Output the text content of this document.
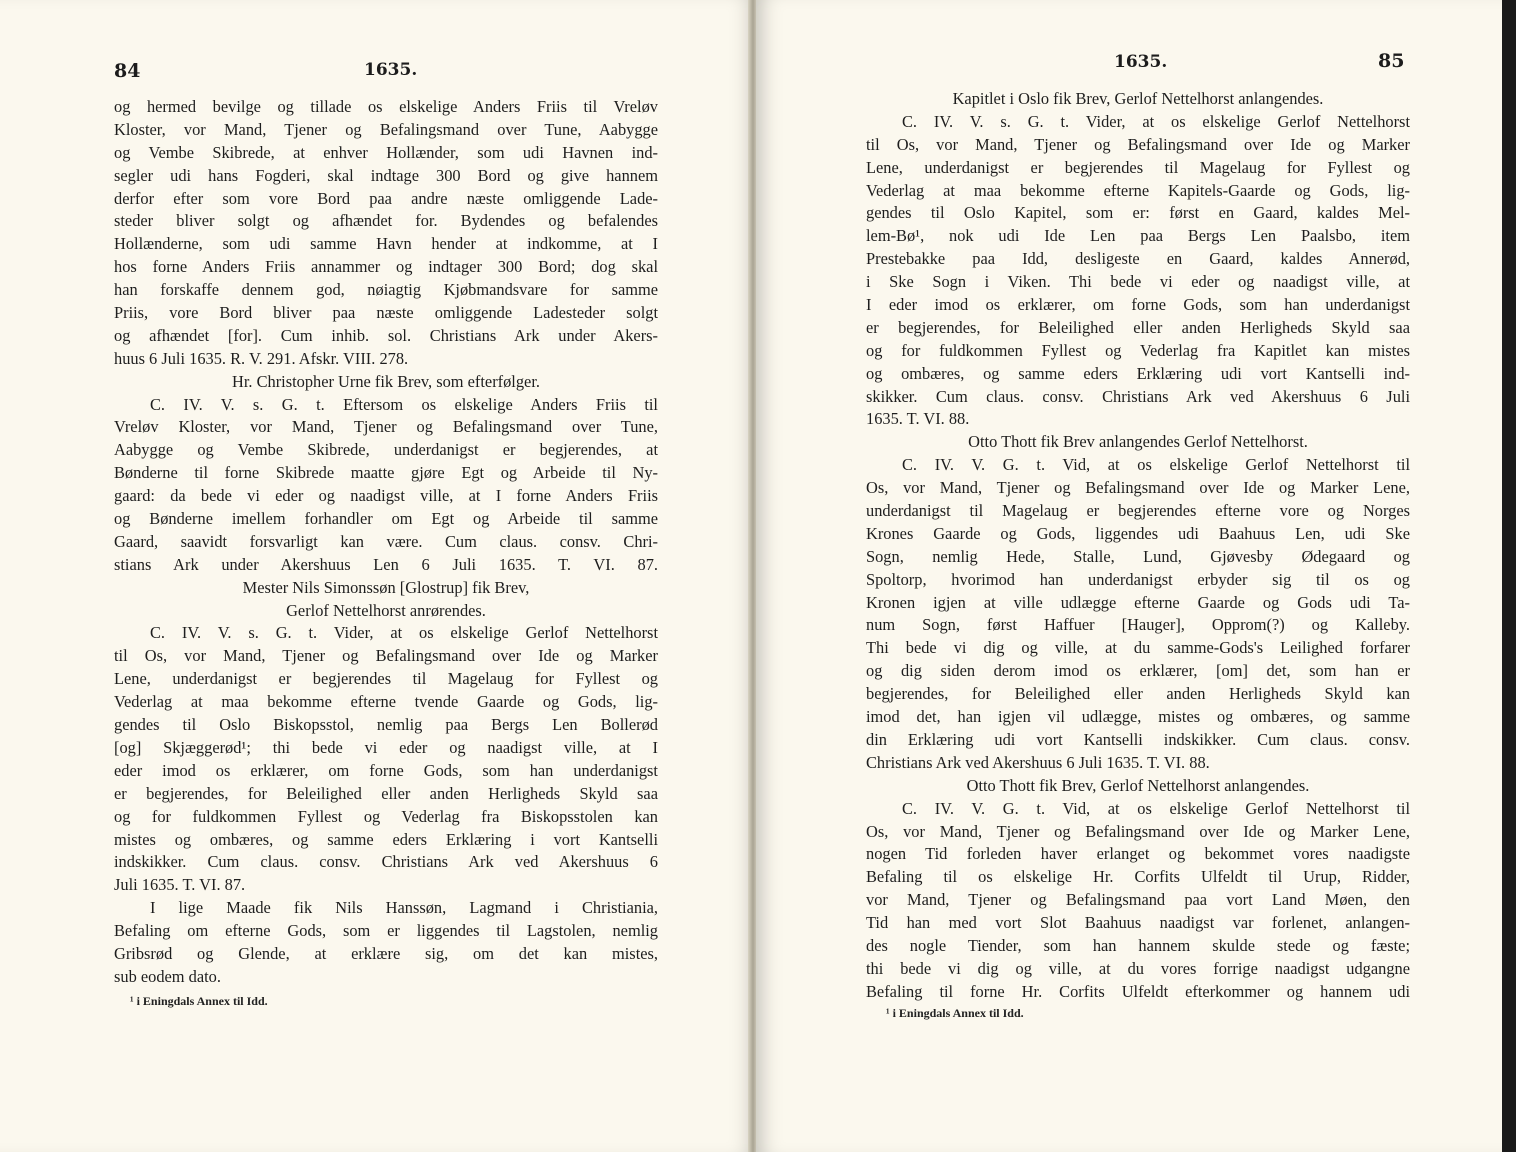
84	1635.
og hermed bevilge og tillade os elskelige Anders Friis til Vreløv
Kloster, vor Mand, Tjener og Befalingsmand over Tune, Aabygge
og Vembe Skibrede, at enhver Hollænder, som udi Havnen ind-
segler udi hans Fogderi, skal indtage 300 Bord og give hannem
derfor efter som vore Bord paa andre næste omliggende Lade-
steder bliver solgt og afhændet for. Bydendes og befalendes
Hollænderne, som udi samme Havn hender at indkomme, at I
hos forne Anders Friis annammer og indtager 300 Bord; dog skal
han forskaffe dennem god, nøiagtig Kjøbmandsvare for samme
Priis, vore Bord bliver paa næste omliggende Ladesteder solgt
og afhændet [for]. Cum inhib. sol. Christians Ark under Akers-
huus 6 Juli 1635. R. V. 291. Afskr. VIII. 278.
Hr. Christopher Urne fik Brev, som efterfølger.
C. IV. V. s. G. t. Eftersom os elskelige Anders Friis til
Vreløv Kloster, vor Mand, Tjener og Befalingsmand over Tune,
Aabygge og Vembe Skibrede, underdanigst er begjerendes, at
Bønderne til forne Skibrede maatte gjøre Egt og Arbeide til Ny-
gaard: da bede vi eder og naadigst ville, at I forne Anders Friis
og Bønderne imellem forhandler om Egt og Arbeide til samme
Gaard, saavidt forsvarligt kan være. Cum claus. consv. Chri-
stians Ark under Akershuus Len 6 Juli 1635. T. VI. 87.
Mester Nils Simonssøn [Glostrup] fik Brev,
Gerlof Nettelhorst anrørendes.
C. IV. V. s. G. t. Vider, at os elskelige Gerlof Nettelhorst
til Os, vor Mand, Tjener og Befalingsmand over Ide og Marker
Lene, underdanigst er begjerendes til Magelaug for Fyllest og
Vederlag at maa bekomme efterne tvende Gaarde og Gods, lig-
gendes til Oslo Biskopsstol, nemlig paa Bergs Len Bollerød
[og] Skjæggerød¹; thi bede vi eder og naadigst ville, at I
eder imod os erklærer, om forne Gods, som han underdanigst
er begjerendes, for Beleilighed eller anden Herligheds Skyld saa
og for fuldkommen Fyllest og Vederlag fra Biskopsstolen kan
mistes og ombæres, og samme eders Erklæring i vort Kantselli
indskikker. Cum claus. consv. Christians Ark ved Akershuus 6
Juli 1635. T. VI. 87.
I lige Maade fik Nils Hanssøn, Lagmand i Christiania,
Befaling om efterne Gods, som er liggendes til Lagstolen, nemlig
Gribsrød og Glende, at erklære sig, om det kan mistes,
sub eodem dato.
¹ i Eningdals Annex til Idd.
1635.	85
Kapitlet i Oslo fik Brev, Gerlof Nettelhorst anlangendes.
C. IV. V. s. G. t. Vider, at os elskelige Gerlof Nettelhorst
til Os, vor Mand, Tjener og Befalingsmand over Ide og Marker
Lene, underdanigst er begjerendes til Magelaug for Fyllest og
Vederlag at maa bekomme efterne Kapitels-Gaarde og Gods, lig-
gendes til Oslo Kapitel, som er: først en Gaard, kaldes Mel-
lem-Bø¹, nok udi Ide Len paa Bergs Len Paalsbo, item
Prestebakke paa Idd, desligeste en Gaard, kaldes Annerød,
i Ske Sogn i Viken. Thi bede vi eder og naadigst ville, at
I eder imod os erklærer, om forne Gods, som han underdanigst
er begjerendes, for Beleilighed eller anden Herligheds Skyld saa
og for fuldkommen Fyllest og Vederlag fra Kapitlet kan mistes
og ombæres, og samme eders Erklæring udi vort Kantselli ind-
skikker. Cum claus. consv. Christians Ark ved Akershuus 6 Juli
1635. T. VI. 88.
Otto Thott fik Brev anlangendes Gerlof Nettelhorst.
C. IV. V. G. t. Vid, at os elskelige Gerlof Nettelhorst til
Os, vor Mand, Tjener og Befalingsmand over Ide og Marker Lene,
underdanigst til Magelaug er begjerendes efterne vore og Norges
Krones Gaarde og Gods, liggendes udi Baahuus Len, udi Ske
Sogn, nemlig Hede, Stalle, Lund, Gjøvesby Ødegaard og
Spoltorp, hvorimod han underdanigst erbyder sig til os og
Kronen igjen at ville udlægge efterne Gaarde og Gods udi Ta-
num Sogn, først Haffuer [Hauger], Opprom(?) og Kalleby.
Thi bede vi dig og ville, at du samme-Gods's Leilighed forfarer
og dig siden derom imod os erklærer, [om] det, som han er
begjerendes, for Beleilighed eller anden Herligheds Skyld kan
imod det, han igjen vil udlægge, mistes og ombæres, og samme
din Erklæring udi vort Kantselli indskikker. Cum claus. consv.
Christians Ark ved Akershuus 6 Juli 1635. T. VI. 88.
Otto Thott fik Brev, Gerlof Nettelhorst anlangendes.
C. IV. V. G. t. Vid, at os elskelige Gerlof Nettelhorst til
Os, vor Mand, Tjener og Befalingsmand over Ide og Marker Lene,
nogen Tid forleden haver erlanget og bekommet vores naadigste
Befaling til os elskelige Hr. Corfits Ulfeldt til Urup, Ridder,
vor Mand, Tjener og Befalingsmand paa vort Land Møen, den
Tid han med vort Slot Baahuus naadigst var forlenet, anlangen-
des nogle Tiender, som han hannem skulde stede og fæste;
thi bede vi dig og ville, at du vores forrige naadigst udgangne
Befaling til forne Hr. Corfits Ulfeldt efterkommer og hannem udi
¹ i Eningdals Annex til Idd.
